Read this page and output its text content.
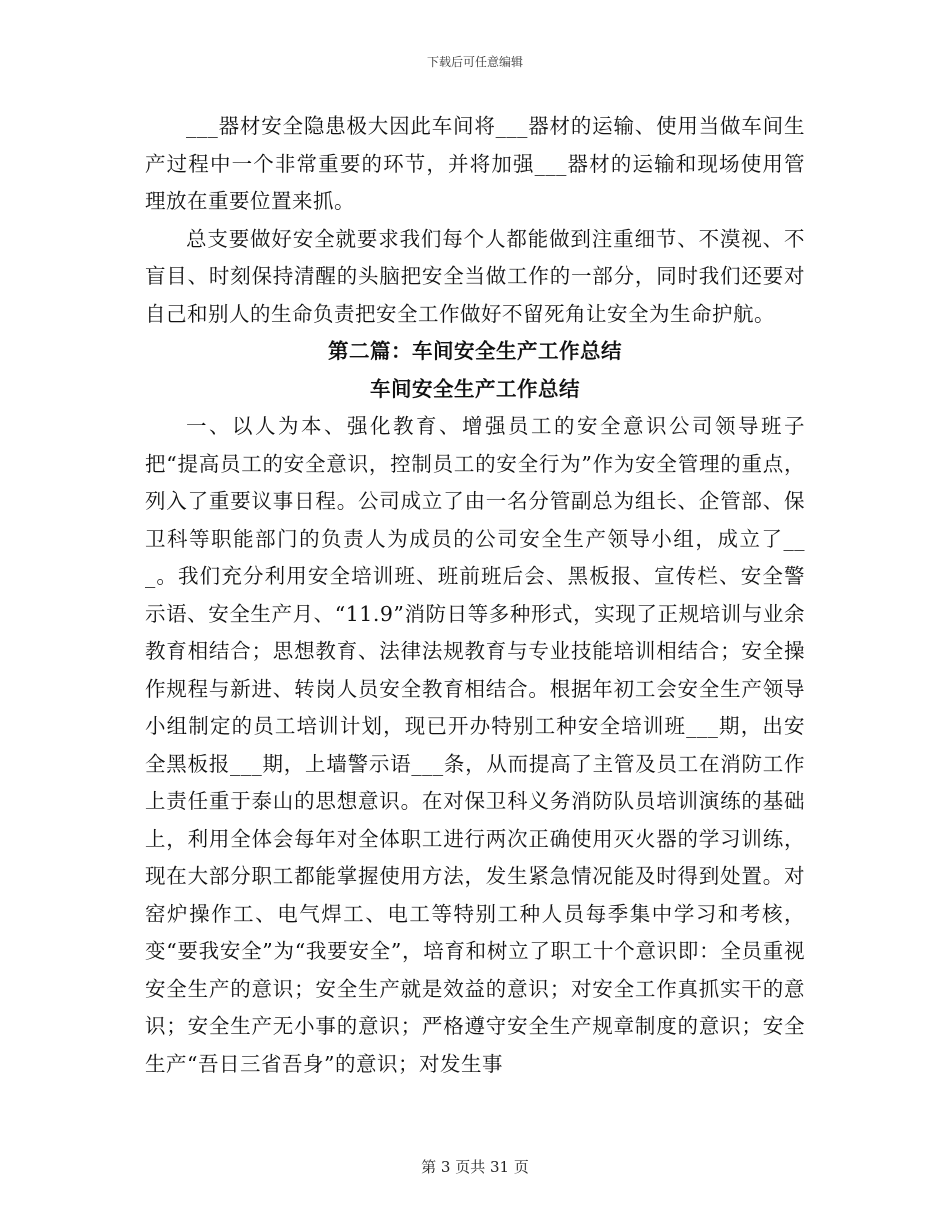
下载后可任意编辑

___器材安全隐患极大因此车间将___器材的运输、使用当做车间生产过程中一个非常重要的环节，并将加强___器材的运输和现场使用管理放在重要位置来抓。

总支要做好安全就要求我们每个人都能做到注重细节、不漠视、不盲目、时刻保持清醒的头脑把安全当做工作的一部分，同时我们还要对自己和别人的生命负责把安全工作做好不留死角让安全为生命护航。

第二篇：车间安全生产工作总结
车间安全生产工作总结

一、以人为本、强化教育、增强员工的安全意识公司领导班子把“提高员工的安全意识，控制员工的安全行为”作为安全管理的重点，列入了重要议事日程。公司成立了由一名分管副总为组长、企管部、保卫科等职能部门的负责人为成员的公司安全生产领导小组，成立了___。我们充分利用安全培训班、班前班后会、黑板报、宣传栏、安全警示语、安全生产月、“11.9”消防日等多种形式，实现了正规培训与业余教育相结合；思想教育、法律法规教育与专业技能培训相结合；安全操作规程与新进、转岗人员安全教育相结合。根据年初工会安全生产领导小组制定的员工培训计划，现已开办特别工种安全培训班___期，出安全黑板报___期，上墙警示语___条，从而提高了主管及员工在消防工作上责任重于泰山的思想意识。在对保卫科义务消防队员培训演练的基础上，利用全体会每年对全体职工进行两次正确使用灭火器的学习训练，现在大部分职工都能掌握使用方法，发生紧急情况能及时得到处置。对窑炉操作工、电气焊工、电工等特别工种人员每季集中学习和考核，变“要我安全”为“我要安全”，培育和树立了职工十个意识即：全员重视安全生产的意识；安全生产就是效益的意识；对安全工作真抓实干的意识；安全生产无小事的意识；严格遵守安全生产规章制度的意识；安全生产“吾日三省吾身”的意识；对发生事

第 3 页共 31 页
